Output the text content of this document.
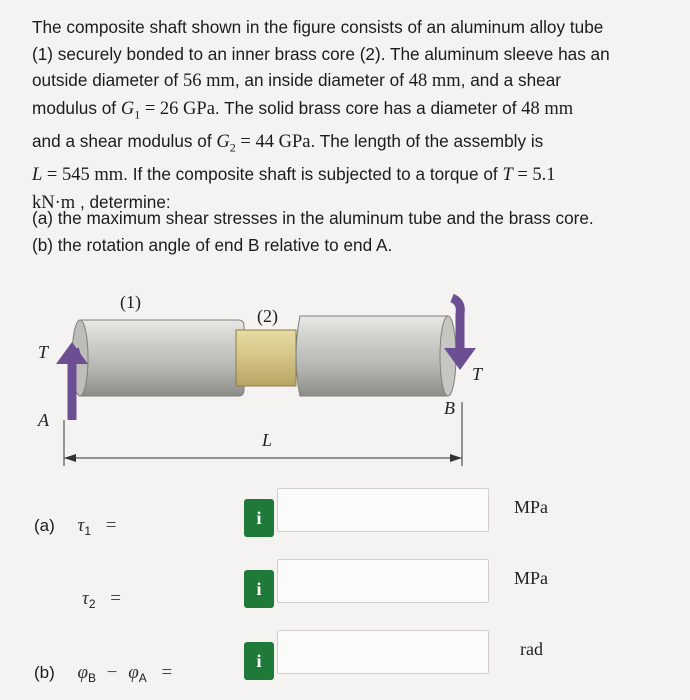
The composite shaft shown in the figure consists of an aluminum alloy tube
(1) securely bonded to an inner brass core (2). The aluminum sleeve has an
outside diameter of 56 mm, an inside diameter of 48 mm, and a shear
modulus of $G_1 = 26$ GPa. The solid brass core has a diameter of 48 mm
and a shear modulus of $G_2 = 44$ GPa. The length of the assembly is
L = 545 mm. If the composite shaft is subjected to a torque of T = 5.1
kN·m , determine:
(a) the maximum shear stresses in the aluminum tube and the brass core.
(b) the rotation angle of end B relative to end A.
(1)
(2)
T
T
A
B
L
(a) $\tau_1$ =
$\tau_2$ =
(b) $\varphi_B - \varphi_A$ =
i
i
i
MPa
MPa
rad
